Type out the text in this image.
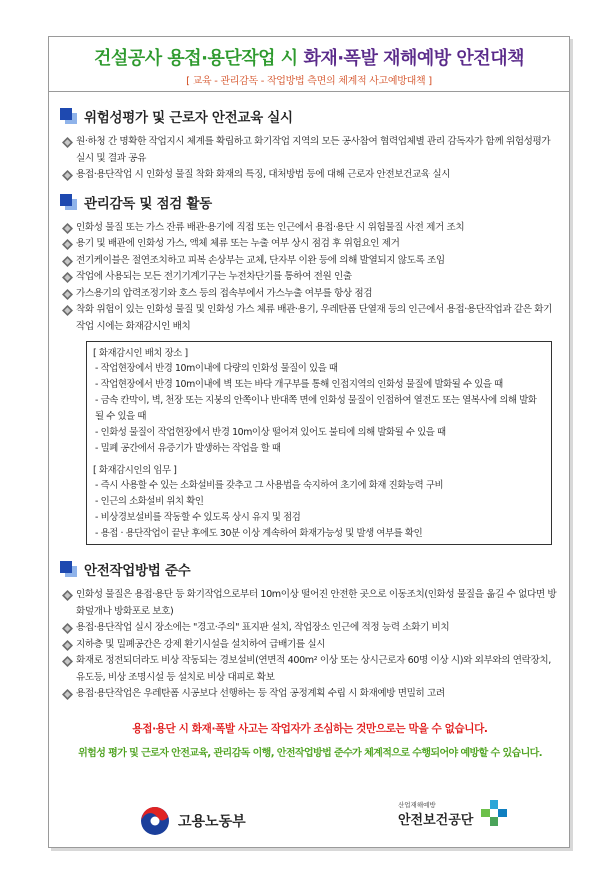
건설공사 용접·용단작업 시 화재·폭발 재해예방 안전대책
[ 교육 - 관리감독 - 작업방법 측면의 체계적 사고예방대책 ]
위험성평가 및 근로자 안전교육 실시
원·하청 간 명확한 작업지시 체계를 확립하고 화기작업 지역의 모든 공사참여 협력업체별 관리 감독자가 함께 위험성평가 실시 및 결과 공유
용접·용단작업 시 인화성 물질 착화 화재의 특징, 대처방법 등에 대해 근로자 안전보건교육 실시
관리감독 및 점검 활동
인화성 물질 또는 가스 잔류 배관·용기에 직접 또는 인근에서 용접·용단 시 위험물질 사전 제거 조치
용기 및 배관에 인화성 가스, 액체 체류 또는 누출 여부 상시 점검 후 위험요인 제거
전기케이블은 절연조치하고 피복 손상부는 교체, 단자부 이완 등에 의해 발열되지 않도록 조임
작업에 사용되는 모든 전기기계기구는 누전차단기를 통하여 전원 인출
가스용기의 압력조정기와 호스 등의 접속부에서 가스누출 여부를 항상 점검
착화 위험이 있는 인화성 물질 및 인화성 가스 체류 배관·용기, 우레탄폼 단열재 등의 인근에서 용접·용단작업과 같은 화기작업 시에는 화재감시인 배치
[ 화재감시인 배치 장소 ]
- 작업현장에서 반경 10m이내에 다량의 인화성 물질이 있을 때
- 작업현장에서 반경 10m이내에 벽 또는 바닥 개구부를 통해 인접지역의 인화성 물질에 발화될 수 있을 때
- 금속 칸막이, 벽, 천장 또는 지붕의 안쪽이나 반대쪽 면에 인화성 물질이 인접하여 열전도 또는 열복사에 의해 발화될 수 있을 때
- 인화성 물질이 작업현장에서 반경 10m이상 떨어져 있어도 불티에 의해 발화될 수 있을 때
- 밀폐 공간에서 유증기가 발생하는 작업을 할 때
[ 화재감시인의 임무 ]
- 즉시 사용할 수 있는 소화설비를 갖추고 그 사용법을 숙지하여 초기에 화재 진화능력 구비
- 인근의 소화설비 위치 확인
- 비상경보설비를 작동할 수 있도록 상시 유지 및 점검
- 용접 · 용단작업이 끝난 후에도 30분 이상 계속하여 화재가능성 및 발생 여부를 확인
안전작업방법 준수
인화성 물질은 용접·용단 등 화기작업으로부터 10m이상 떨어진 안전한 곳으로 이동조치(인화성 물질을 옮길 수 없다면 방화덮개나 방화포로 보호)
용접·용단작업 실시 장소에는 "경고·주의" 표지판 설치, 작업장소 인근에 적정 능력 소화기 비치
지하층 및 밀폐공간은 강제 환기시설을 설치하여 급배기를 실시
화재로 정전되더라도 비상 작동되는 경보설비(연면적 400m² 이상 또는 상시근로자 60명 이상 시)와 외부와의 연락장치, 유도등, 비상 조명시설 등 설치로 비상 대피로 확보
용접·용단작업은 우레탄폼 시공보다 선행하는 등 작업 공정계획 수립 시 화재예방 면밀히 고려
용접·용단 시 화재·폭발 사고는 작업자가 조심하는 것만으로는 막을 수 없습니다.
위험성 평가 및 근로자 안전교육, 관리감독 이행, 안전작업방법 준수가 체계적으로 수행되어야 예방할 수 있습니다.
고용노동부
산업재해예방
안전보건공단
